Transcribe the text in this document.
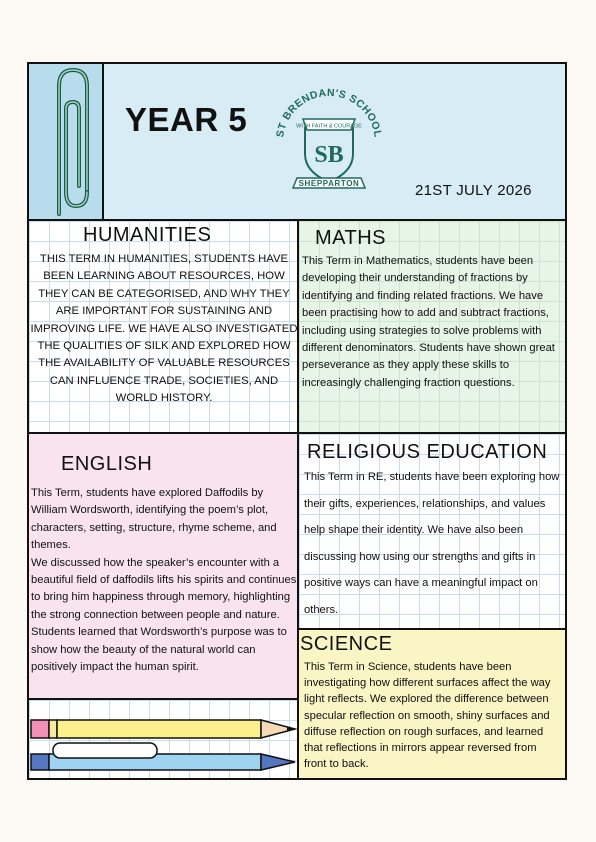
YEAR 5	ST BRENDAN'S SCHOOL
WITH FAITH & COURAGE
SB
SHEPPARTON	21ST JULY 2026
HUMANITIES
THIS TERM IN HUMANITIES, STUDENTS HAVE BEEN LEARNING ABOUT RESOURCES, HOW THEY CAN BE CATEGORISED, AND WHY THEY ARE IMPORTANT FOR SUSTAINING AND IMPROVING LIFE. WE HAVE ALSO INVESTIGATED THE QUALITIES OF SILK AND EXPLORED HOW THE AVAILABILITY OF VALUABLE RESOURCES CAN INFLUENCE TRADE, SOCIETIES, AND WORLD HISTORY.
MATHS
This Term in Mathematics, students have been developing their understanding of fractions by identifying and finding related fractions. We have been practising how to add and subtract fractions, including using strategies to solve problems with different denominators. Students have shown great perseverance as they apply these skills to increasingly challenging fraction questions.
ENGLISH
This Term, students have explored Daffodils by William Wordsworth, identifying the poem’s plot, characters, setting, structure, rhyme scheme, and themes.
We discussed how the speaker’s encounter with a beautiful field of daffodils lifts his spirits and continues to bring him happiness through memory, highlighting the strong connection between people and nature.
Students learned that Wordsworth’s purpose was to show how the beauty of the natural world can positively impact the human spirit.
RELIGIOUS EDUCATION
This Term in RE, students have been exploring how their gifts, experiences, relationships, and values help shape their identity. We have also been discussing how using our strengths and gifts in positive ways can have a meaningful impact on others.
SCIENCE
This Term in Science, students have been investigating how different surfaces affect the way light reflects. We explored the difference between specular reflection on smooth, shiny surfaces and diffuse reflection on rough surfaces, and learned that reflections in mirrors appear reversed from front to back.
